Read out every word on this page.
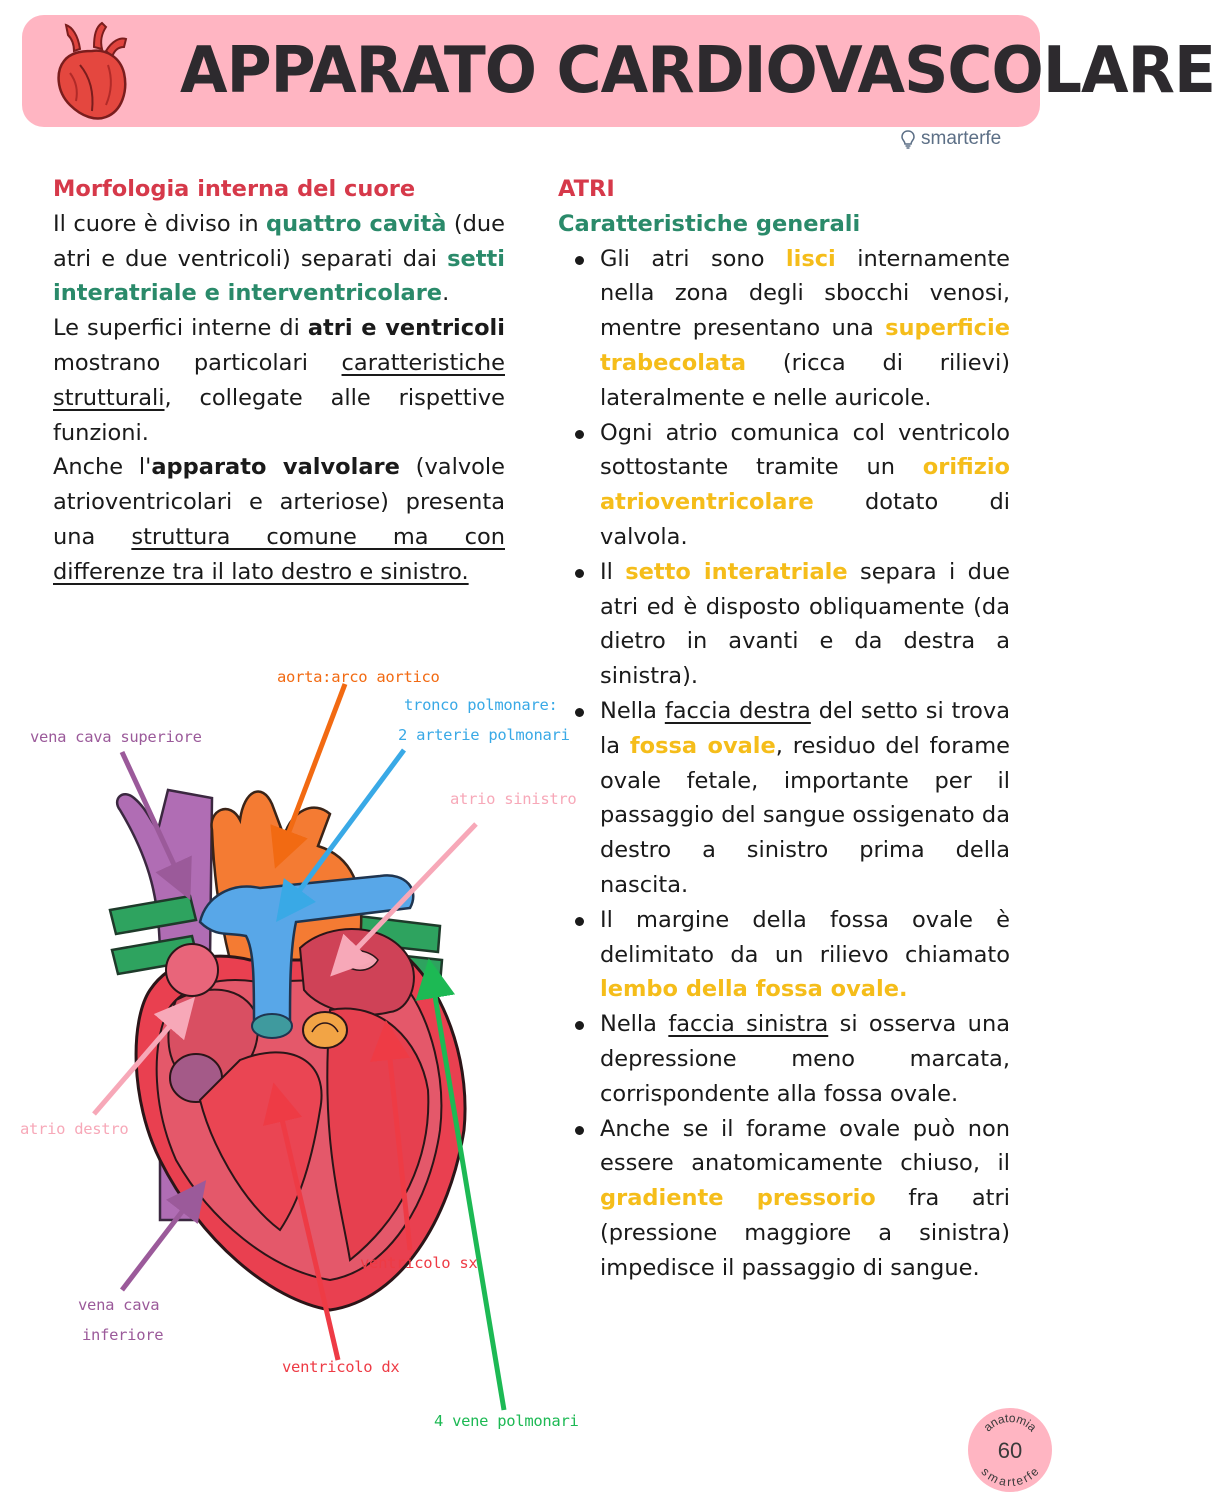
APPARATO CARDIOVASCOLARE
smarterfe
Morfologia interna del cuore
Il cuore è diviso in quattro cavità (due atri e due ventricoli) separati dai setti interatriale e interventricolare.
Le superfici interne di atri e ventricoli mostrano particolari caratteristiche strutturali, collegate alle rispettive funzioni.
Anche l'apparato valvolare (valvole atrioventricolari e arteriose) presenta una struttura comune ma con differenze tra il lato destro e sinistro.
aorta:arco aortico
tronco polmonare:
2 arterie polmonari
vena cava superiore
atrio sinistro
atrio destro
ventricolo sx
vena cava
inferiore
ventricolo dx
4 vene polmonari
ATRI
Caratteristiche generali
Gli atri sono lisci internamente nella zona degli sbocchi venosi, mentre presentano una superficie trabecolata (ricca di rilievi) lateralmente e nelle auricole.
Ogni atrio comunica col ventricolo sottostante tramite un orifizio atrioventricolare dotato di valvola.
Il setto interatriale separa i due atri ed è disposto obliquamente (da dietro in avanti e da destra a sinistra).
Nella faccia destra del setto si trova la fossa ovale, residuo del forame ovale fetale, importante per il passaggio del sangue ossigenato da destro a sinistro prima della nascita.
Il margine della fossa ovale è delimitato da un rilievo chiamato lembo della fossa ovale.
Nella faccia sinistra si osserva una depressione meno marcata, corrispondente alla fossa ovale.
Anche se il forame ovale può non essere anatomicamente chiuso, il gradiente pressorio fra atri (pressione maggiore a sinistra) impedisce il passaggio di sangue.
anatomia
smarterfe
60
